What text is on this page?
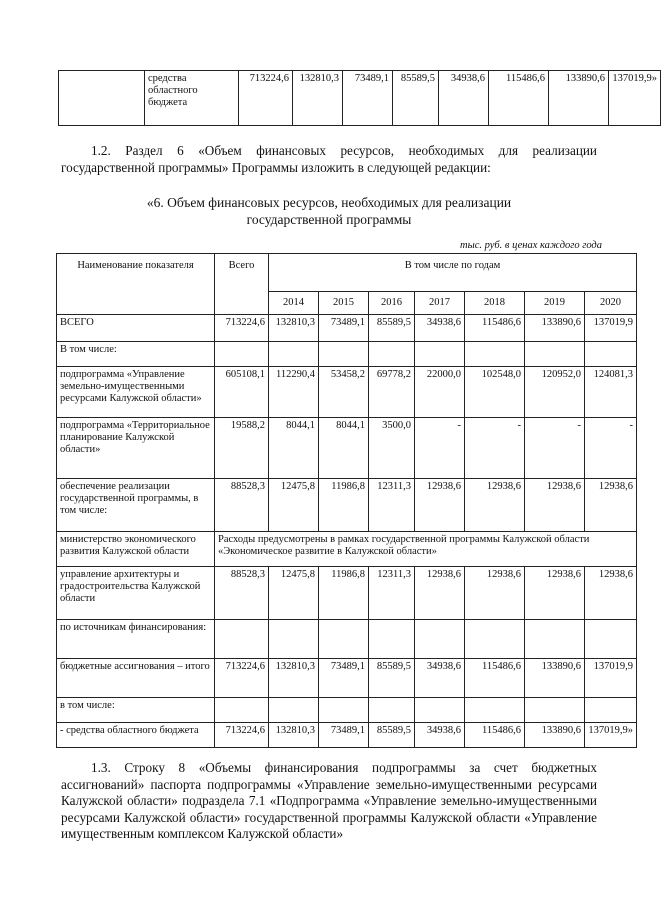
	средства областного бюджета	713224,6	132810,3	73489,1	85589,5	34938,6	115486,6	133890,6	137019,9»
1.2. Раздел 6 «Объем финансовых ресурсов, необходимых для реализации государственной программы» Программы изложить в следующей редакции:
«6. Объем финансовых ресурсов, необходимых для реализации
государственной программы
тыс. руб. в ценах каждого года
Наименование показателя	Всего	В том числе по годам						
		2014	2015	2016	2017	2018	2019	2020
ВСЕГО	713224,6	132810,3	73489,1	85589,5	34938,6	115486,6	133890,6	137019,9
В том числе:								
подпрограмма «Управление земельно-имущественными ресурсами Калужской области»	605108,1	112290,4	53458,2	69778,2	22000,0	102548,0	120952,0	124081,3
подпрограмма «Территориальное планирование Калужской области»	19588,2	8044,1	8044,1	3500,0	-	-	-	-
обеспечение реализации государственной программы, в том числе:	88528,3	12475,8	11986,8	12311,3	12938,6	12938,6	12938,6	12938,6
министерство экономического развития Калужской области	Расходы предусмотрены в рамках государственной программы Калужской области «Экономическое развитие в Калужской области»							
управление архитектуры и градостроительства Калужской области	88528,3	12475,8	11986,8	12311,3	12938,6	12938,6	12938,6	12938,6
по источникам финансирования:								
бюджетные ассигнования – итого	713224,6	132810,3	73489,1	85589,5	34938,6	115486,6	133890,6	137019,9
в том числе:								
- средства областного бюджета	713224,6	132810,3	73489,1	85589,5	34938,6	115486,6	133890,6	137019,9»
1.3. Строку 8 «Объемы финансирования подпрограммы за счет бюджетных ассигнований» паспорта подпрограммы «Управление земельно-имущественными ресурсами Калужской области» подраздела 7.1 «Подпрограмма «Управление земельно-имущественными ресурсами Калужской области» государственной программы Калужской области «Управление имущественным комплексом Калужской области»
